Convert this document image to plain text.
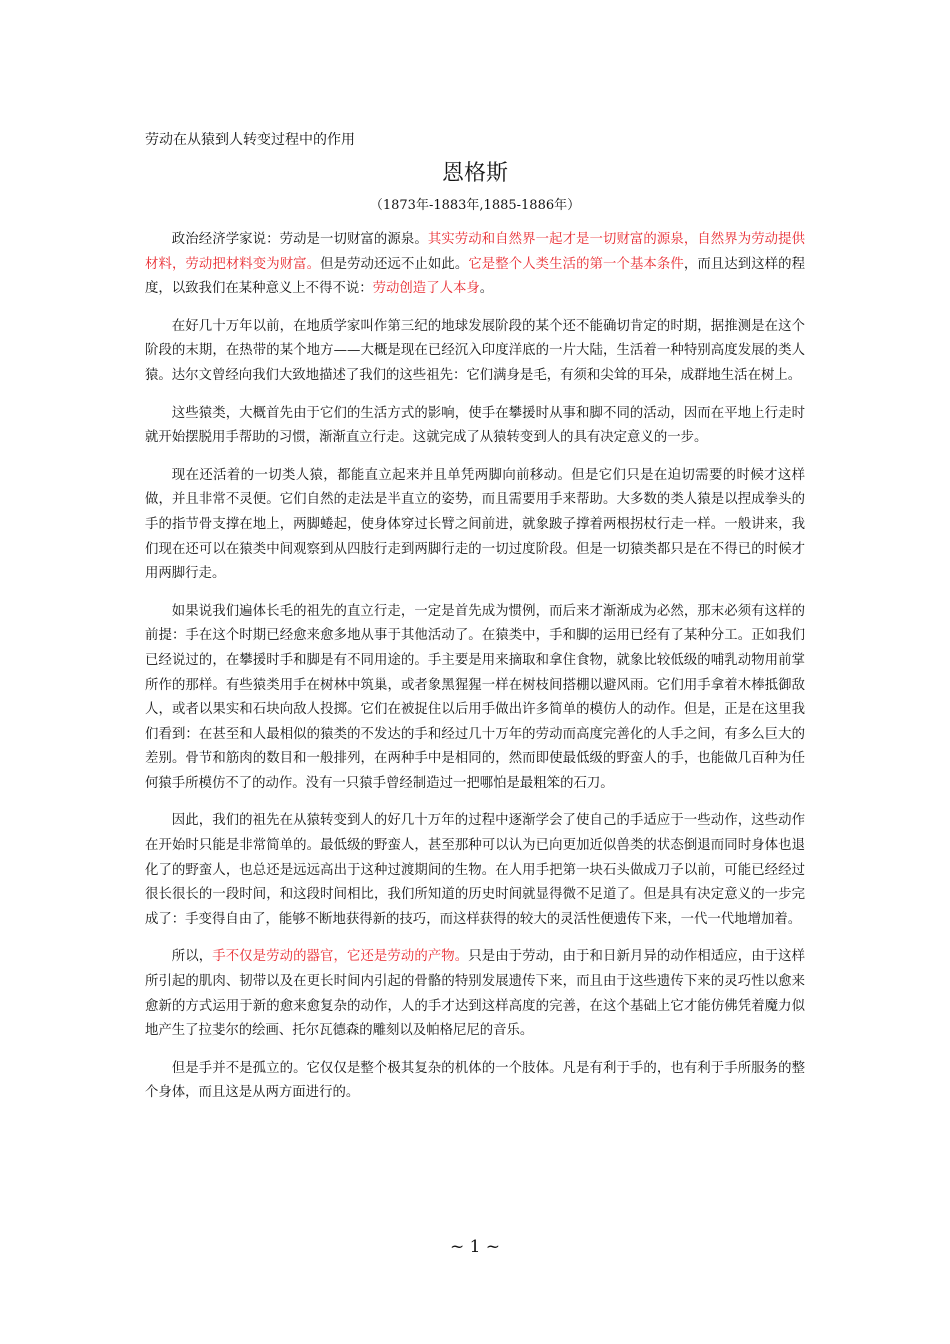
劳动在从猿到人转变过程中的作用
恩格斯
（1873年-1883年,1885-1886年）

政治经济学家说：劳动是一切财富的源泉。其实劳动和自然界一起才是一切财富的源泉，自然界为劳动提供材料，劳动把材料变为财富。但是劳动还远不止如此。它是整个人类生活的第一个基本条件，而且达到这样的程度，以致我们在某种意义上不得不说：劳动创造了人本身。

在好几十万年以前，在地质学家叫作第三纪的地球发展阶段的某个还不能确切肯定的时期，据推测是在这个阶段的末期，在热带的某个地方——大概是现在已经沉入印度洋底的一片大陆，生活着一种特别高度发展的类人猿。达尔文曾经向我们大致地描述了我们的这些祖先：它们满身是毛，有须和尖耸的耳朵，成群地生活在树上。

这些猿类，大概首先由于它们的生活方式的影响，使手在攀援时从事和脚不同的活动，因而在平地上行走时就开始摆脱用手帮助的习惯，渐渐直立行走。这就完成了从猿转变到人的具有决定意义的一步。

现在还活着的一切类人猿，都能直立起来并且单凭两脚向前移动。但是它们只是在迫切需要的时候才这样做，并且非常不灵便。它们自然的走法是半直立的姿势，而且需要用手来帮助。大多数的类人猿是以捏成拳头的手的指节骨支撑在地上，两脚蜷起，使身体穿过长臂之间前进，就象跛子撑着两根拐杖行走一样。一般讲来，我们现在还可以在猿类中间观察到从四肢行走到两脚行走的一切过度阶段。但是一切猿类都只是在不得已的时候才用两脚行走。

如果说我们遍体长毛的祖先的直立行走，一定是首先成为惯例，而后来才渐渐成为必然，那末必须有这样的前提：手在这个时期已经愈来愈多地从事于其他活动了。在猿类中，手和脚的运用已经有了某种分工。正如我们已经说过的，在攀援时手和脚是有不同用途的。手主要是用来摘取和拿住食物，就象比较低级的哺乳动物用前掌所作的那样。有些猿类用手在树林中筑巢，或者象黑猩猩一样在树枝间搭棚以避风雨。它们用手拿着木棒抵御敌人，或者以果实和石块向敌人投掷。它们在被捉住以后用手做出许多简单的模仿人的动作。但是，正是在这里我们看到：在甚至和人最相似的猿类的不发达的手和经过几十万年的劳动而高度完善化的人手之间，有多么巨大的差别。骨节和筋肉的数目和一般排列，在两种手中是相同的，然而即使最低级的野蛮人的手，也能做几百种为任何猿手所模仿不了的动作。没有一只猿手曾经制造过一把哪怕是最粗笨的石刀。

因此，我们的祖先在从猿转变到人的好几十万年的过程中逐渐学会了使自己的手适应于一些动作，这些动作在开始时只能是非常简单的。最低级的野蛮人，甚至那种可以认为已向更加近似兽类的状态倒退而同时身体也退化了的野蛮人，也总还是远远高出于这种过渡期间的生物。在人用手把第一块石头做成刀子以前，可能已经经过很长很长的一段时间，和这段时间相比，我们所知道的历史时间就显得微不足道了。但是具有决定意义的一步完成了：手变得自由了，能够不断地获得新的技巧，而这样获得的较大的灵活性便遗传下来，一代一代地增加着。

所以，手不仅是劳动的器官，它还是劳动的产物。只是由于劳动，由于和日新月异的动作相适应，由于这样所引起的肌肉、韧带以及在更长时间内引起的骨骼的特别发展遗传下来，而且由于这些遗传下来的灵巧性以愈来愈新的方式运用于新的愈来愈复杂的动作，人的手才达到这样高度的完善，在这个基础上它才能仿佛凭着魔力似地产生了拉斐尔的绘画、托尔瓦德森的雕刻以及帕格尼尼的音乐。

但是手并不是孤立的。它仅仅是整个极其复杂的机体的一个肢体。凡是有利于手的，也有利于手所服务的整个身体，而且这是从两方面进行的。

~ 1 ~
